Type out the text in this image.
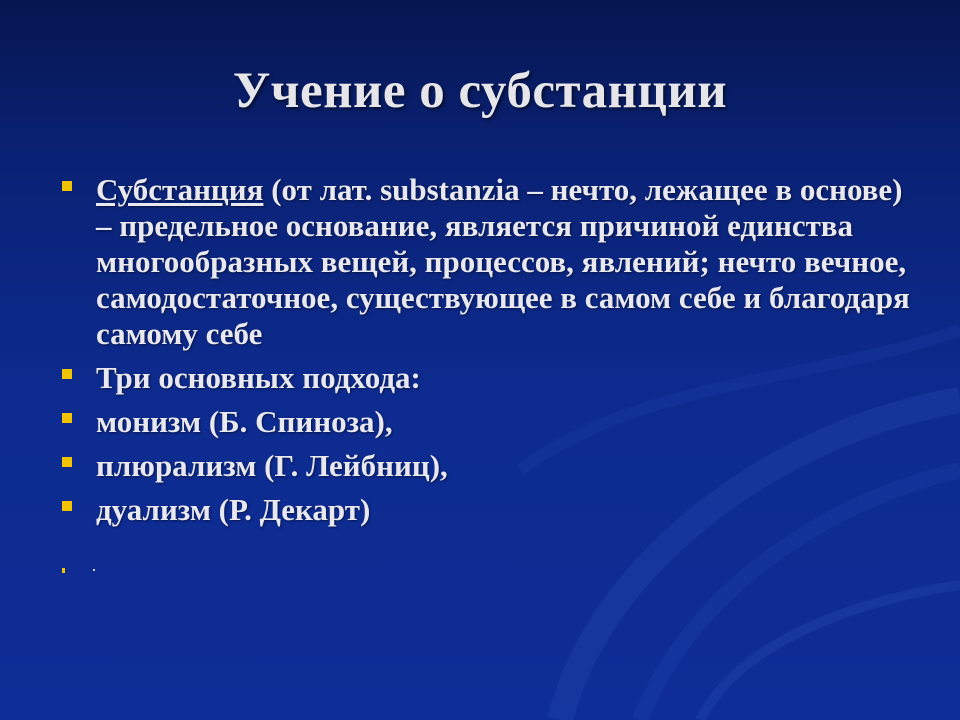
Учение о субстанции
Субстанция (от лат. substanzia – нечто, лежащее в основе) – предельное основание, является причиной единства многообразных вещей, процессов, явлений; нечто вечное, самодостаточное, существующее в самом себе и благодаря самому себе
Три основных подхода:
монизм (Б. Спиноза),
плюрализм (Г. Лейбниц),
дуализм (Р. Декарт)
